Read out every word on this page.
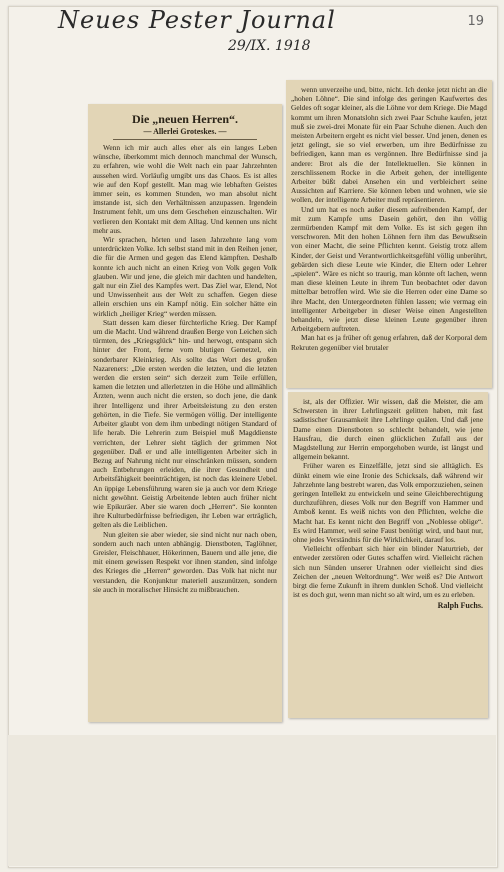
19
Neues Pester Journal
29/IX. 1918
Die „neuen Herren“.
— Allerlei Groteskes. —

Wenn ich mir auch alles eher als ein langes Leben wünsche, überkommt mich dennoch manchmal der Wunsch, zu erfahren, wie wohl die Welt nach ein paar Jahrzehnten aussehen wird. Vorläufig umgibt uns das Chaos. Es ist alles wie auf den Kopf gestellt. Man mag wie lebhaften Geistes immer sein, es kommen Stunden, wo man absolut nicht imstande ist, sich den Verhältnissen anzupassen. Irgendein Instrument fehlt, um uns dem Geschehen einzuschalten. Wir verlieren den Kontakt mit dem Alltag. Und kennen uns nicht mehr aus.

Wir sprachen, hörten und lasen Jahrzehnte lang vom unterdrückten Volke. Ich selbst stand mit in den Reihen jener, die für die Armen und gegen das Elend kämpften. Deshalb konnte ich auch nicht an einen Krieg von Volk gegen Volk glauben. Wir und jene, die gleich mir dachten und handelten, galt nur ein Ziel des Kampfes wert. Das Ziel war, Elend, Not und Unwissenheit aus der Welt zu schaffen. Gegen diese allein erschien uns ein Kampf nötig. Ein solcher hätte ein wirklich „heiliger Krieg“ werden müssen.

Statt dessen kam dieser fürchterliche Krieg. Der Kampf um die Macht. Und während draußen Berge von Leichen sich türmten, des „Kriegsglück“ hin- und herwogt, entspann sich hinter der Front, ferne vom blutigen Gemetzel, ein sonderbarer Kleinkrieg. Als sollte das Wort des großen Nazareners: „Die ersten werden die letzten, und die letzten werden die ersten sein“ sich derzeit zum Teile erfüllen, kamen die letzten und allerletzten in die Höhe und allmählich Ärzten, wenn auch nicht die ersten, so doch jene, die dank ihrer Intelligenz und ihrer Arbeitsleistung zu den ersten gehörten, in die Tiefe. Sie vermögen völlig. Der intelligente Arbeiter glaubt von dem ihm unbedingt nötigen Standard of life herab. Die Lehrerin zum Beispiel muß Magddienste verrichten, der Lehrer sieht täglich der grimmen Not gegenüber. Daß er und alle intelligenten Arbeiter sich in Bezug auf Nahrung nicht nur einschränken müssen, sondern auch Entbehrungen erleiden, die ihrer Gesundheit und Arbeitsfähigkeit beeinträchtigen, ist noch das kleinere Uebel. An üppige Lebensführung waren sie ja auch vor dem Kriege nicht gewöhnt. Geistig Arbeitende lebten auch früher nicht wie Epikuräer. Aber sie waren doch „Herren“. Sie konnten ihre Kulturbedürfnisse befriedigen, ihr Leben war erträglich, gelten als die Leiblichen.

Nun gleiten sie aber wieder, sie sind nicht nur nach oben, sondern auch nach unten abhängig. Dienstboten, Taglöhner, Greisler, Fleischhauer, Hökerinnen, Bauern und alle jene, die mit einem gewissen Respekt vor ihnen standen, sind infolge des Krieges die „Herren“ geworden. Das Volk hat nicht nur verstanden, die Konjunktur materiell auszunützen, sondern sie auch in moralischer Hinsicht zu mißbrauchen.

wenn unverzeihe und, bitte, nicht. Ich denke jetzt nicht an die „hohen Löhne“. Die sind infolge des geringen Kaufwertes des Geldes oft sogar kleiner, als die Löhne vor dem Kriege. Die Magd kommt um ihren Monatslohn sich zwei Paar Schuhe kaufen, jetzt muß sie zwei-drei Monate für ein Paar Schuhe dienen. Auch den meisten Arbeitern ergeht es nicht viel besser. Und jenen, denen es jetzt gelingt, sie so viel erwerben, um ihre Bedürfnisse zu befriedigen, kann man es vergönnen. Ihre Bedürfnisse sind ja andere: Brot als die der Intellektuellen. Sie können in zerschlissenem Rocke in die Arbeit gehen, der intelligente Arbeiter büßt dabei Ansehen ein und verbleichert seine Aussichten auf Karriere. Sie können leben und wohnen, wie sie wollen, der intelligente Arbeiter muß repräsentieren.

Und um hat es noch außer diesem aufreibenden Kampf, der mit zum Kampfe ums Dasein gehört, den ihn völlig zermürbenden Kampf mit dem Volke. Es ist sich gegen ihn verschworen. Mit den hohen Löhnen fern ihm das Bewußtsein von einer Macht, die seine Pflichten kennt. Geistig trotz allem Kinder, der Geist und Verantwortlichkeitsgefühl völlig unberührt, gebärden sich diese Leute wie Kinder, die Eltern oder Lehrer „spielen“. Wäre es nicht so traurig, man könnte oft lachen, wenn man diese kleinen Leute in ihrem Tun beobachtet oder davon mittelbar betroffen wird. Wie sie die Herren oder eine Dame so ihre Macht, den Untergeordneten fühlen lassen; wie vermag ein intelligenter Arbeitgeber in dieser Weise einen Angestellten behandeln, wie jetzt diese kleinen Leute gegenüber ihren Arbeitgebern auftreten.

Man hat es ja früher oft genug erfahren, daß der Korporal dem Rekruten gegenüber viel brutaler

ist, als der Offizier. Wir wissen, daß die Meister, die am Schwersten in ihrer Lehrlingszeit gelitten haben, mit fast sadistischer Grausamkeit ihre Lehrlinge quälen. Und daß jene Dame einen Dienstboten so schlecht behandelt, wie jene Hausfrau, die durch einen glücklichen Zufall aus der Magdstellung zur Herrin emporgehoben wurde, ist längst und allgemein bekannt.

Früher waren es Einzelfälle, jetzt sind sie alltäglich. Es dünkt einem wie eine Ironie des Schicksals, daß während wir Jahrzehnte lang bestrebt waren, das Volk emporzuziehen, seinen geringen Intellekt zu entwickeln und seine Gleichberechtigung durchzuführen, dieses Volk nur den Begriff von Hammer und Amboß kennt. Es weiß nichts von den Pflichten, welche die Macht hat. Es kennt nicht den Begriff von „Noblesse oblige“. Es wird Hammer, weil seine Faust benötigt wird, und baut nur, ohne jedes Verständnis für die Wirklichkeit, darauf los.

Vielleicht offenbart sich hier ein blinder Naturtrieb, der entweder zerstören oder Gutes schaffen wird. Vielleicht rächen sich nun Sünden unserer Urahnen oder vielleicht sind dies Zeichen der „neuen Weltordnung“. Wer weiß es? Die Antwort birgt die ferne Zukunft in ihrem dunklen Schoß. Und vielleicht ist es doch gut, wenn man nicht so alt wird, um es zu erleben.

Ralph Fuchs.
